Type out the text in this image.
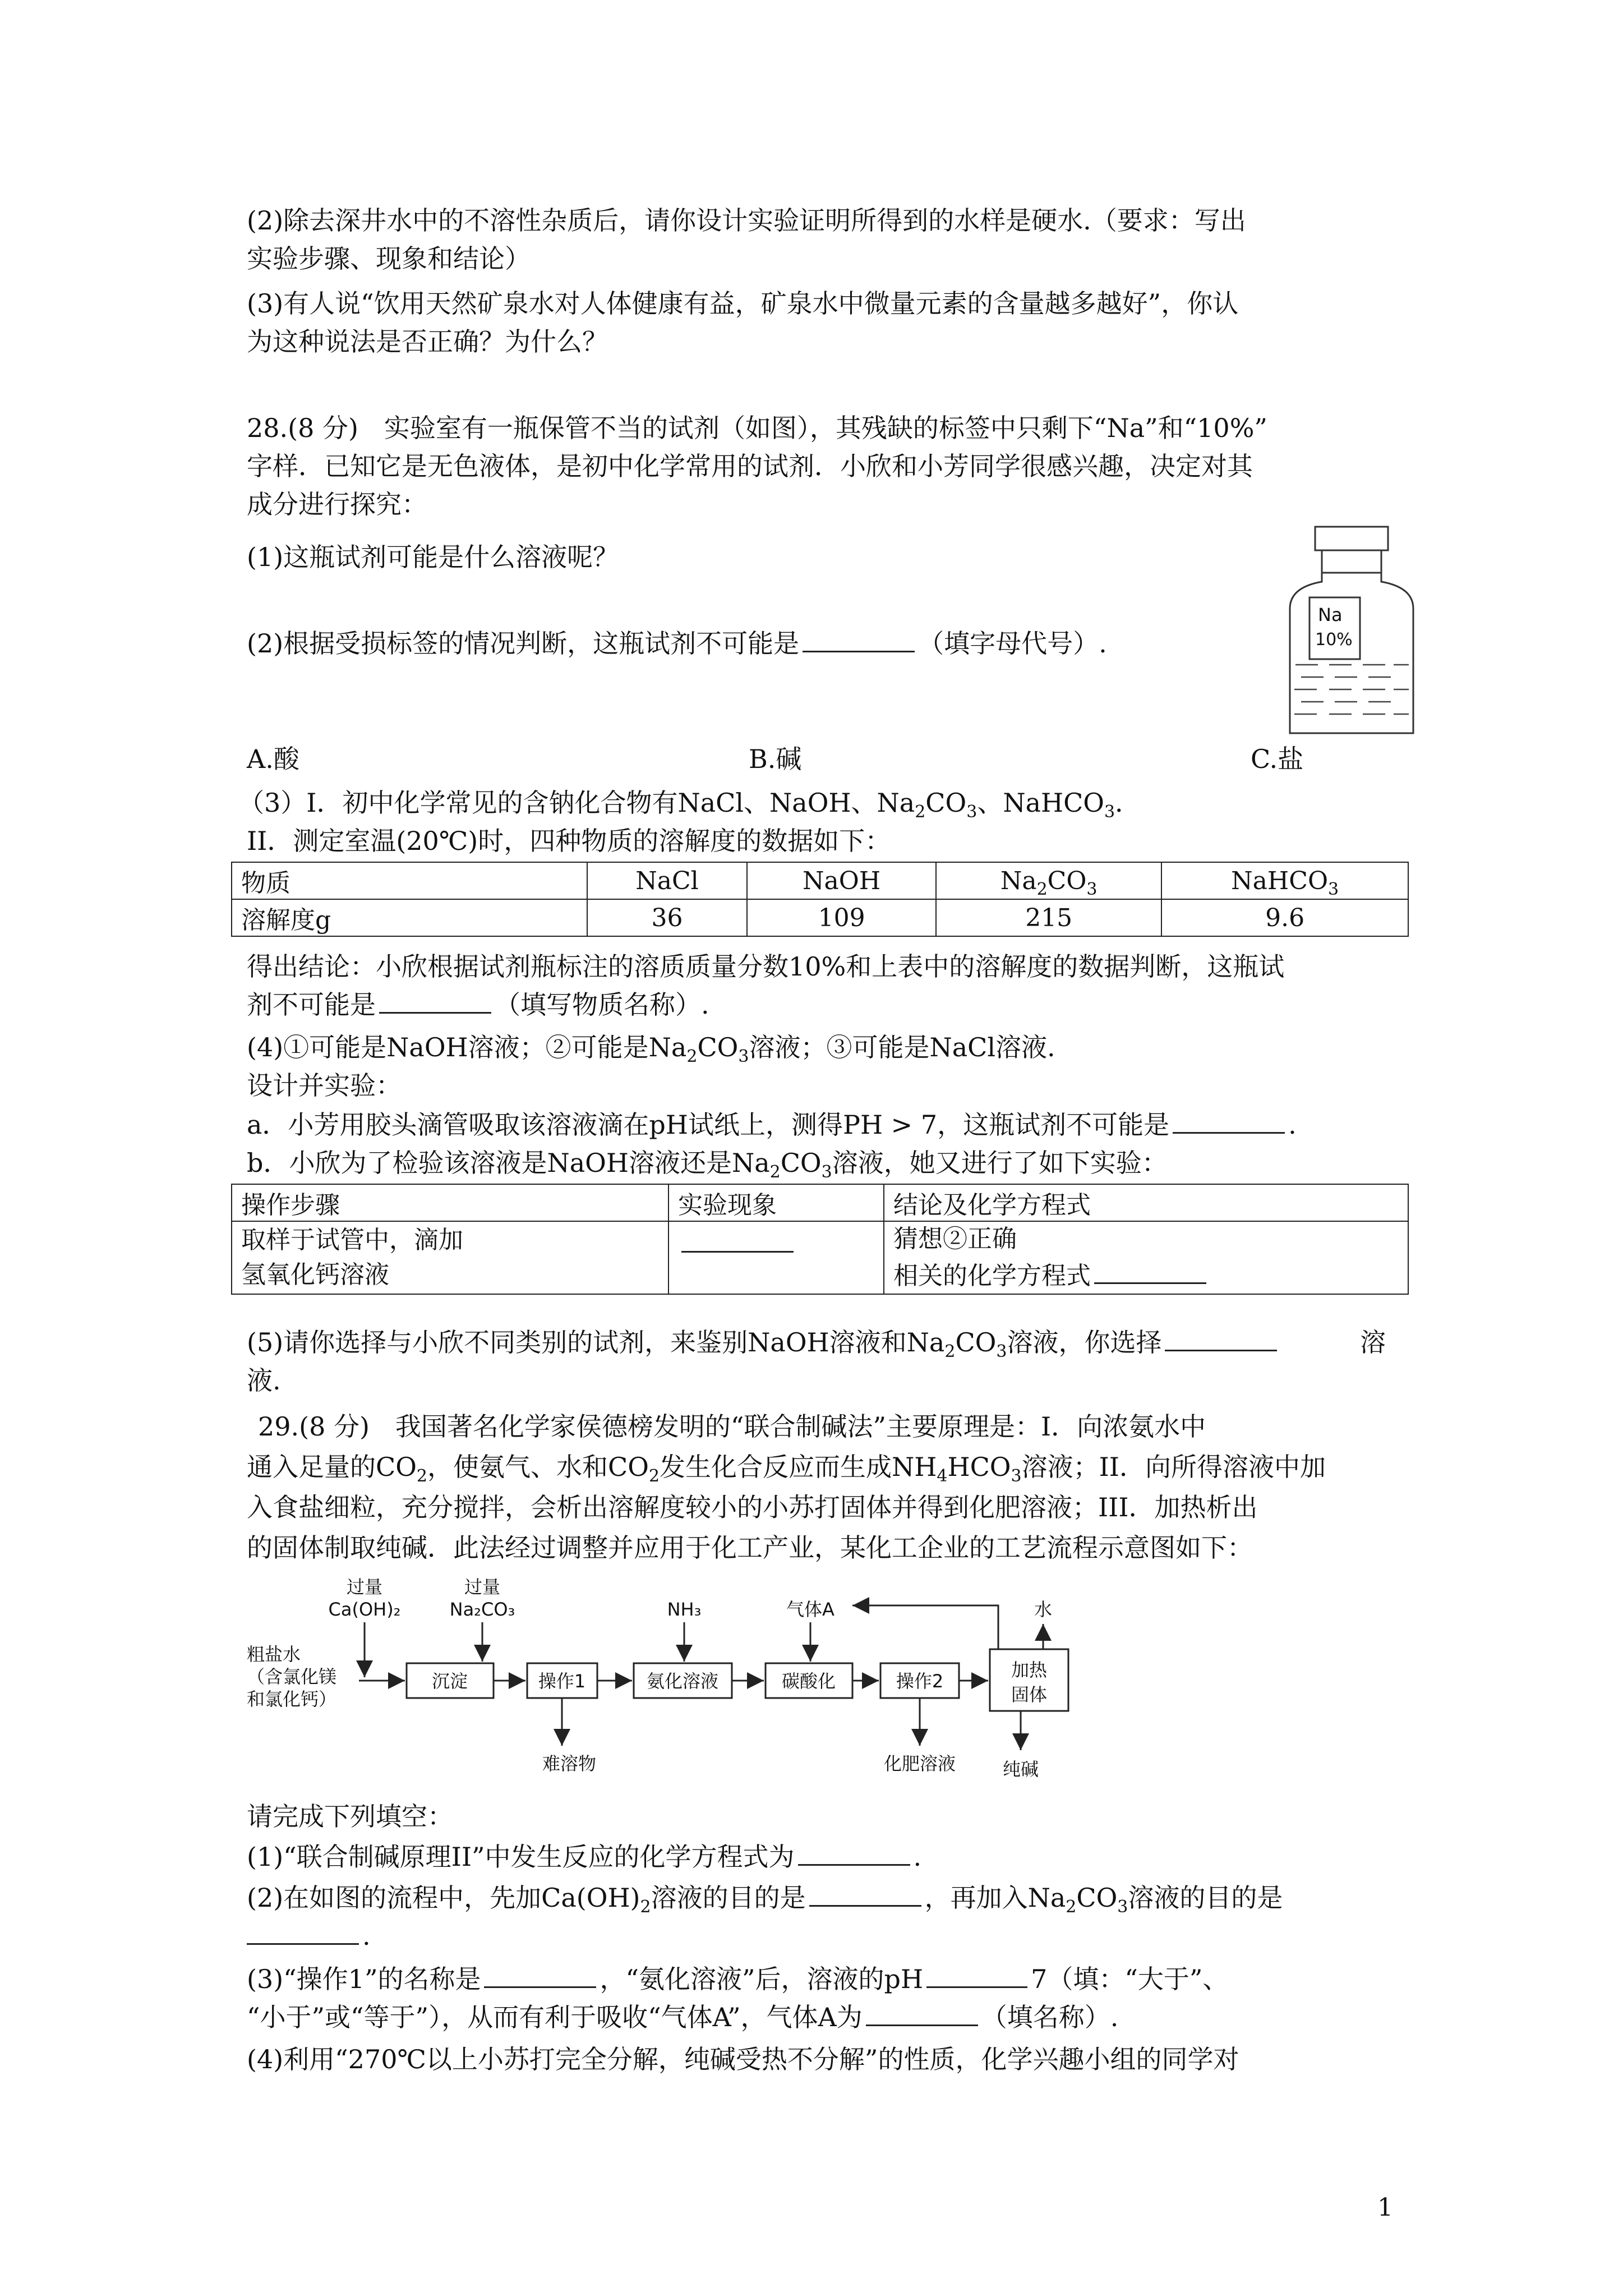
(2)除去深井水中的不溶性杂质后，请你设计实验证明所得到的水样是硬水.（要求：写出
实验步骤、现象和结论）
(3)有人说“饮用天然矿泉水对人体健康有益，矿泉水中微量元素的含量越多越好”，你认
为这种说法是否正确？为什么？
28.(8 分)　实验室有一瓶保管不当的试剂（如图），其残缺的标签中只剩下“Na”和“10%”
字样．已知它是无色液体，是初中化学常用的试剂．小欣和小芳同学很感兴趣，决定对其
成分进行探究：
(1)这瓶试剂可能是什么溶液呢？
(2)根据受损标签的情况判断，这瓶试剂不可能是	（填字母代号）.
Na
10%
A.酸	B.碱	C.盐
（3）I．初中化学常见的含钠化合物有NaCl、NaOH、$Na_2CO_3$、NaHCO$_3$．
II．测定室温(20℃)时，四种物质的溶解度的数据如下：
物质	NaCl	NaOH	$Na_2CO_3$	NaHCO$_3$
溶解度g	36	109	215	9.6
得出结论：小欣根据试剂瓶标注的溶质质量分数10%和上表中的溶解度的数据判断，这瓶试
剂不可能是	（填写物质名称）.
(4)①可能是NaOH溶液；②可能是$Na_2CO_3$溶液；③可能是NaCl溶液.
设计并实验：
a．小芳用胶头滴管吸取该溶液滴在pH试纸上，测得PH > 7，这瓶试剂不可能是	.
b．小欣为了检验该溶液是NaOH溶液还是$Na_2CO_3$溶液，她又进行了如下实验：
操作步骤	实验现象	结论及化学方程式
取样于试管中，滴加
氢氧化钙溶液		猜想②正确
相关的化学方程式
(5)请你选择与小欣不同类别的试剂，来鉴别NaOH溶液和$Na_2CO_3$溶液，你选择	溶
液.
29.(8 分)　我国著名化学家侯德榜发明的“联合制碱法”主要原理是：I．向浓氨水中
通入足量的$CO_2$，使氨气、水和$CO_2$发生化合反应而生成$NH_4HCO_3$溶液；II．向所得溶液中加
入食盐细粒，充分搅拌，会析出溶解度较小的小苏打固体并得到化肥溶液；III．加热析出
的固体制取纯碱．此法经过调整并应用于化工产业，某化工企业的工艺流程示意图如下：
过量
Ca(OH)₂
过量
Na₂CO₃
粗盐水
（含氯化镁
和氯化钙）
NH₃	气体A	水
难溶物	化肥溶液	纯碱
沉淀	操作1	氨化溶液	碳酸化	操作2
加热
固体
请完成下列填空：
(1)“联合制碱原理II”中发生反应的化学方程式为	.
(2)在如图的流程中，先加$Ca(OH)_2$溶液的目的是	，再加入$Na_2CO_3$溶液的目的是
.
(3)“操作1”的名称是	，“氨化溶液”后，溶液的pH	7（填：“大于”、
“小于”或“等于”），从而有利于吸收“气体A”，气体A为	（填名称）.
(4)利用“270℃以上小苏打完全分解，纯碱受热不分解”的性质，化学兴趣小组的同学对
1
